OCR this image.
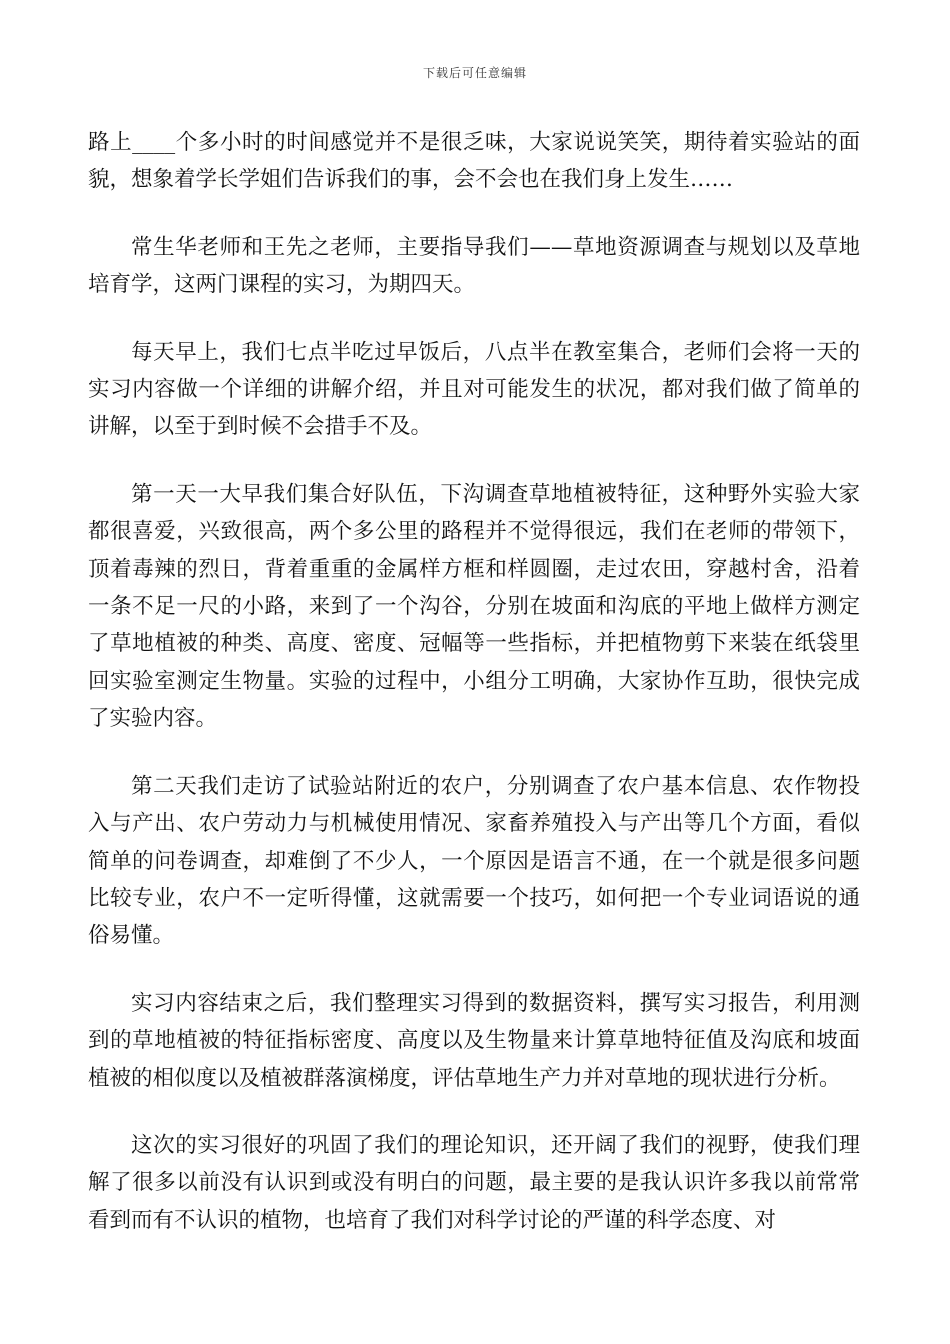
下载后可任意编辑

路上____个多小时的时间感觉并不是很乏味，大家说说笑笑，期待着实验站的面貌，想象着学长学姐们告诉我们的事，会不会也在我们身上发生……

常生华老师和王先之老师，主要指导我们——草地资源调查与规划以及草地培育学，这两门课程的实习，为期四天。

每天早上，我们七点半吃过早饭后，八点半在教室集合，老师们会将一天的实习内容做一个详细的讲解介绍，并且对可能发生的状况，都对我们做了简单的讲解，以至于到时候不会措手不及。

第一天一大早我们集合好队伍，下沟调查草地植被特征，这种野外实验大家都很喜爱，兴致很高，两个多公里的路程并不觉得很远，我们在老师的带领下，顶着毒辣的烈日，背着重重的金属样方框和样圆圈，走过农田，穿越村舍，沿着一条不足一尺的小路，来到了一个沟谷，分别在坡面和沟底的平地上做样方测定了草地植被的种类、高度、密度、冠幅等一些指标，并把植物剪下来装在纸袋里回实验室测定生物量。实验的过程中，小组分工明确，大家协作互助，很快完成了实验内容。

第二天我们走访了试验站附近的农户，分别调查了农户基本信息、农作物投入与产出、农户劳动力与机械使用情况、家畜养殖投入与产出等几个方面，看似简单的问卷调查，却难倒了不少人，一个原因是语言不通，在一个就是很多问题比较专业，农户不一定听得懂，这就需要一个技巧，如何把一个专业词语说的通俗易懂。

实习内容结束之后，我们整理实习得到的数据资料，撰写实习报告，利用测到的草地植被的特征指标密度、高度以及生物量来计算草地特征值及沟底和坡面植被的相似度以及植被群落演梯度，评估草地生产力并对草地的现状进行分析。

这次的实习很好的巩固了我们的理论知识，还开阔了我们的视野，使我们理解了很多以前没有认识到或没有明白的问题，最主要的是我认识许多我以前常常看到而有不认识的植物，也培育了我们对科学讨论的严谨的科学态度、对
